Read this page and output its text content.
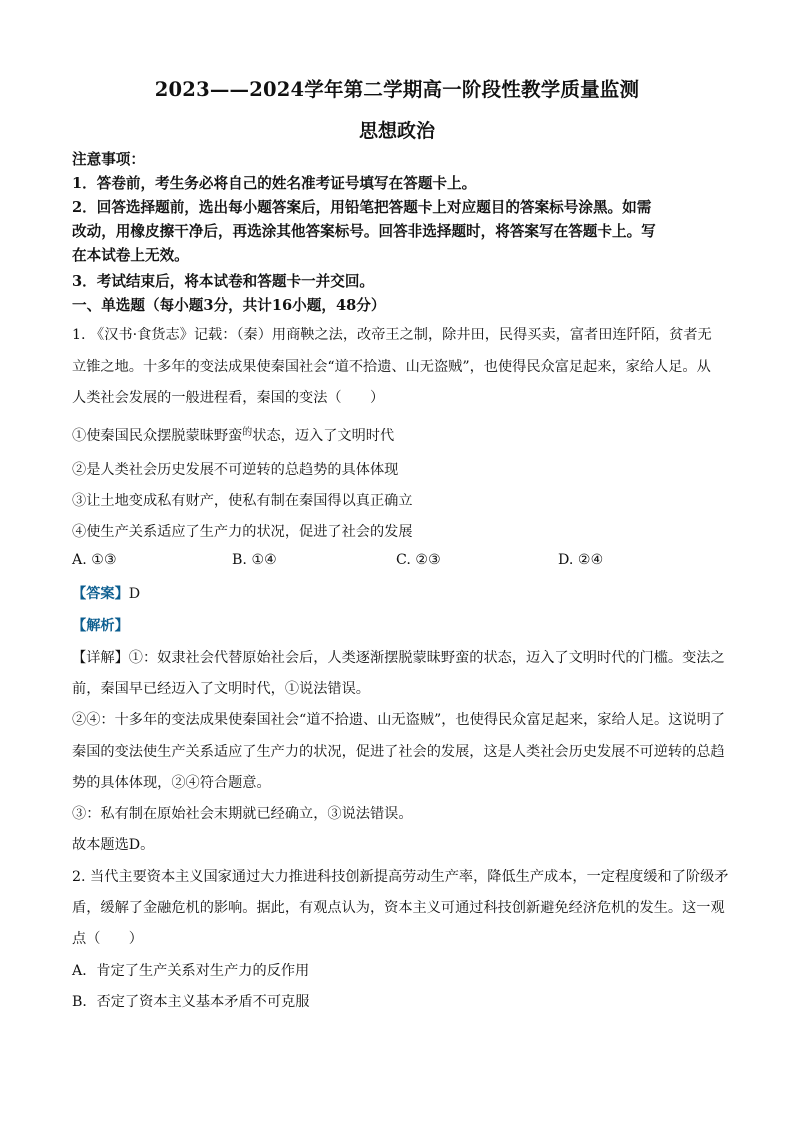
2023——2024学年第二学期高一阶段性教学质量监测
思想政治
注意事项：
1．答卷前，考生务必将自己的姓名准考证号填写在答题卡上。
2．回答选择题前，选出每小题答案后，用铅笔把答题卡上对应题目的答案标号涂黑。如需
改动，用橡皮擦干净后，再选涂其他答案标号。回答非选择题时，将答案写在答题卡上。写
在本试卷上无效。
3．考试结束后，将本试卷和答题卡一并交回。
一、单选题（每小题3分，共计16小题，48分）
1. 《汉书·食货志》记载：（秦）用商鞅之法，改帝王之制，除井田，民得买卖，富者田连阡陌，贫者无
立锥之地。十多年的变法成果使秦国社会“道不拾遗、山无盗贼”，也使得民众富足起来，家给人足。从
人类社会发展的一般进程看，秦国的变法（　　）
①使秦国民众摆脱蒙昧野蛮$^的$状态，迈入了文明时代
②是人类社会历史发展不可逆转的总趋势的具体体现
③让土地变成私有财产，使私有制在秦国得以真正确立
④使生产关系适应了生产力的状况，促进了社会的发展
A. ①③	B. ①④	C. ②③	D. ②④
【答案】D
【解析】
【详解】①：奴隶社会代替原始社会后，人类逐渐摆脱蒙昧野蛮的状态，迈入了文明时代的门槛。变法之
前，秦国早已经迈入了文明时代，①说法错误。
②④：十多年的变法成果使秦国社会“道不拾遗、山无盗贼”，也使得民众富足起来，家给人足。这说明了
秦国的变法使生产关系适应了生产力的状况，促进了社会的发展，这是人类社会历史发展不可逆转的总趋
势的具体体现，②④符合题意。
③：私有制在原始社会末期就已经确立，③说法错误。
故本题选D。
2. 当代主要资本主义国家通过大力推进科技创新提高劳动生产率，降低生产成本，一定程度缓和了阶级矛
盾，缓解了金融危机的影响。据此，有观点认为，资本主义可通过科技创新避免经济危机的发生。这一观
点（　　）
A．肯定了生产关系对生产力的反作用
B．否定了资本主义基本矛盾不可克服
